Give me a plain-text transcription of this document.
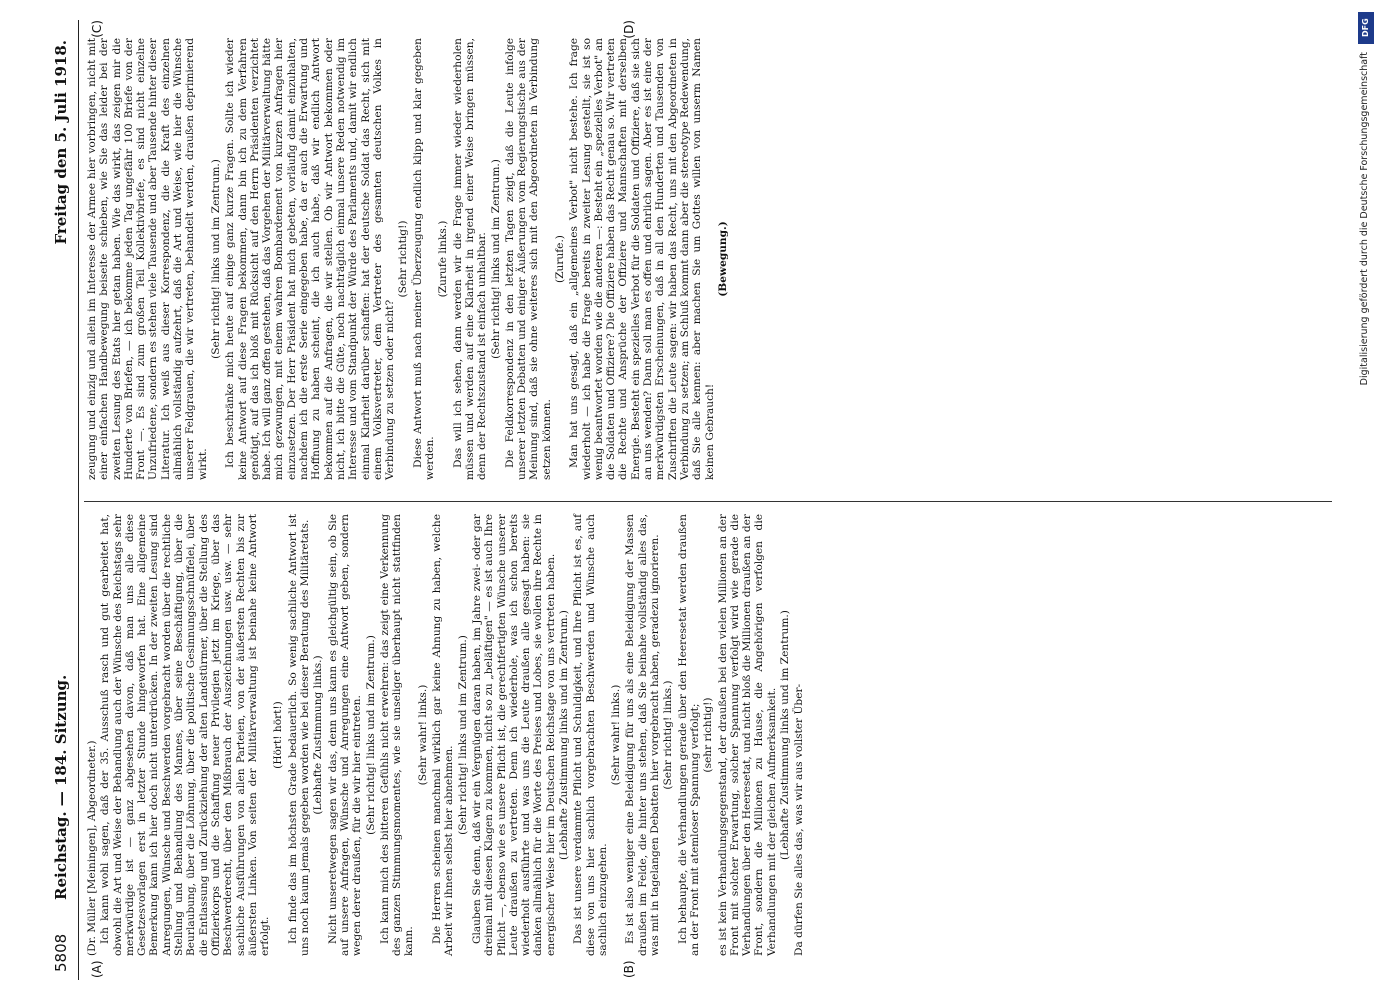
5808
Reichstag. — 184. Sitzung.
Freitag den 5. Juli 1918.
(A)	(B)
(C)	(D)

(Dr. Müller [Meiningen], Abgeordneter.) Ich kann wohl sagen, daß der 35. Ausschuß rasch und gut gearbeitet hat, obwohl die Art und Weise der Behandlung auch der Wünsche des Reichstags sehr merkwürdige ist — ganz abgesehen davon, daß man uns alle diese Gesetzesvorlagen erst in letzter Stunde hingeworfen hat. Eine allgemeine Bemerkung kann ich hier doch nicht unterdrücken. In der zweiten Lesung sind Anregungen, Wünsche und Beschwerden vorgebracht worden über die rechtliche Stellung und Behandlung des Mannes, über seine Beschäftigung, über die Beurlaubung, über die Löhnung, über die politische Gesinnungsschnüffelei, über die Entlassung und Zurückziehung der alten Landstürmer, über die Stellung des Offizierkorps und die Schaffung neuer Privilegien jetzt im Kriege, über das Beschwerderecht, über den Mißbrauch der Auszeichnungen usw. usw. — sehr sachliche Ausführungen von allen Parteien, von der äußersten Rechten bis zur äußersten Linken. Von seiten der Militärverwaltung ist beinahe keine Antwort erfolgt.

(Hört! hört!) Ich finde das im höchsten Grade bedauerlich. So wenig sachliche Antwort ist uns noch kaum jemals gegeben worden wie bei dieser Beratung des Militäretats. (Lebhafte Zustimmung links.) Nicht unseretwegen sagen wir das, denn uns kann es gleichgültig sein, ob Sie auf unsere Anfragen, Wünsche und Anregungen eine Antwort geben, sondern wegen derer draußen, für die wir hier eintreten. (Sehr richtig! links und im Zentrum.) Ich kann mich des bitteren Gefühls nicht erwehren: das zeigt eine Verkennung des ganzen Stimmungsmomentes, wie sie unseliger überhaupt nicht stattfinden kann.

(Sehr wahr! links.) Die Herren scheinen manchmal wirklich gar keine Ahnung zu haben, welche Arbeit wir ihnen selbst hier abnehmen.

(Sehr richtig! links und im Zentrum.) Glauben Sie denn, daß wir ein Vergnügen daran haben, im Jahre zwei- oder gar dreimal mit diesen Klagen zu kommen, nicht so zu „beläftigen" — es ist auch Ihre Pflicht —, ebenso wie es unsere Pflicht ist, die gerechtfertigten Wünsche unserer Leute draußen zu vertreten. Denn ich wiederhole, was ich schon bereits wiederholt ausführte und was uns die Leute draußen alle gesagt haben: sie danken allmählich für die Worte des Preises und Lobes, sie wollen ihre Rechte in energischer Weise hier im Deutschen Reichstage von uns vertreten haben. (Lebhafte Zustimmung links und im Zentrum.) Das ist unsere verdammte Pflicht und Schuldigkeit, und Ihre Pflicht ist es, auf diese von uns hier sachlich vorgebrachten Beschwerden und Wünsche auch sachlich einzugehen.

(Sehr wahr! links.) Es ist also weniger eine Beleidigung für uns als eine Beleidigung der Massen draußen im Felde, die hinter uns stehen, daß Sie beinahe vollständig alles das, was mit in tagelangen Debatten hier vorgebracht haben, geradezu ignorieren. (Sehr richtig! links.) Ich behaupte, die Verhandlungen gerade über den Heeresetat werden draußen an der Front mit atemloser Spannung verfolgt; (sehr richtig!) es ist kein Verhandlungsgegenstand, der draußen bei den vielen Millionen an der Front mit solcher Erwartung, solcher Spannung verfolgt wird wie gerade die Verhandlungen über den Heeresetat, und nicht bloß die Millionen draußen an der Front, sondern die Millionen zu Hause, die Angehörigen verfolgen die Verhandlungen mit der gleichen Aufmerksamkeit. (Lebhafte Zustimmung links und im Zentrum.) Da dürfen Sie alles das, was wir aus vollster Über-

zeugung und einzig und allein im Interesse der Armee hier vorbringen, nicht mit einer einfachen Handbewegung beiseite schieben, wie Sie das leider bei der zweiten Lesung des Etats hier getan haben. Wie das wirkt, das zeigen mir die Hunderte von Briefen, — ich bekomme jeden Tag ungefähr 100 Briefe von der Front —. Es sind zum großen Teil Kollektivbriefe, es sind nicht einzelne Unzufriedene, sondern es stehen viele Tausende und aber Tausende hinter dieser Literatur. Ich weiß aus dieser Korrespondenz, die die Kraft des einzelnen allmählich vollständig aufzehrt, daß die Art und Weise, wie hier die Wünsche unserer Feldgrauen, die wir vertreten, behandelt werden, draußen deprimierend wirkt.

(Sehr richtig! links und im Zentrum.) Ich beschränke mich heute auf einige ganz kurze Fragen. Sollte ich wieder keine Antwort auf diese Fragen bekommen, dann bin ich zu dem Verfahren genötigt, auf das ich bloß mit Rücksicht auf den Herrn Präsidenten verzichtet habe. Ich will ganz offen gestehen, daß das Vorgehen der Militärverwaltung hätte mich gezwungen, mit einem wahren Bombardement von kurzen Anfragen hier einzusetzen. Der Herr Präsident hat mich gebeten, vorläufig damit einzuhalten, nachdem ich die erste Serie eingegeben habe, da er auch die Erwartung und Hoffnung zu haben scheint, die ich auch habe, daß wir endlich Antwort bekommen auf die Anfragen, die wir stellen. Ob wir Antwort bekommen oder nicht, ich bitte die Güte, noch nachträglich einmal unsere Reden notwendig im Interesse und vom Standpunkt der Würde des Parlaments und, damit wir endlich einmal Klarheit darüber schaffen: hat der deutsche Soldat das Recht, sich mit einem Volksvertreter, dem Vertreter des gesamten deutschen Volkes in Verbindung zu setzen oder nicht?

(Sehr richtig!) Diese Antwort muß nach meiner Überzeugung endlich klipp und klar gegeben werden.

(Zurufe links.) Das will ich sehen, dann werden wir die Frage immer wieder wiederholen müssen und werden auf eine Klarheit in irgend einer Weise bringen müssen, denn der Rechtszustand ist einfach unhaltbar. (Sehr richtig! links und im Zentrum.) Die Feldkorrespondenz in den letzten Tagen zeigt, daß die Leute infolge unserer letzten Debatten und einiger Äußerungen vom Regierungstische aus der Meinung sind, daß sie ohne weiteres sich mit den Abgeordneten in Verbindung setzen können.

(Zurufe.) Man hat uns gesagt, daß ein „allgemeines Verbot" nicht bestehe. Ich frage wiederholt — ich habe die Frage bereits in zweiter Lesung gestellt, sie ist so wenig beantwortet worden wie die anderen —: Besteht ein „spezielles Verbot" an die Soldaten und Offiziere? Die Offiziere haben das Recht genau so. Wir vertreten die Rechte und Ansprüche der Offiziere und Mannschaften mit derselben Energie. Besteht ein spezielles Verbot für die Soldaten und Offiziere, daß sie sich an uns wenden? Dann soll man es offen und ehrlich sagen. Aber es ist eine der merkwürdigsten Erscheinungen, daß in all den Hunderten und Tausenden von Zuschriften die Leute sagen: wir haben das Recht, uns mit den Abgeordneten in Verbindung zu setzen; am Schluß kommt dann aber die stereotype Redewendung, daß Sie alle kennen: aber machen Sie um Gottes willen von unserm Namen keinen Gebrauch!

(Bewegung.)

DFG
Digitalisierung gefördert durch die Deutsche Forschungsgemeinschaft
